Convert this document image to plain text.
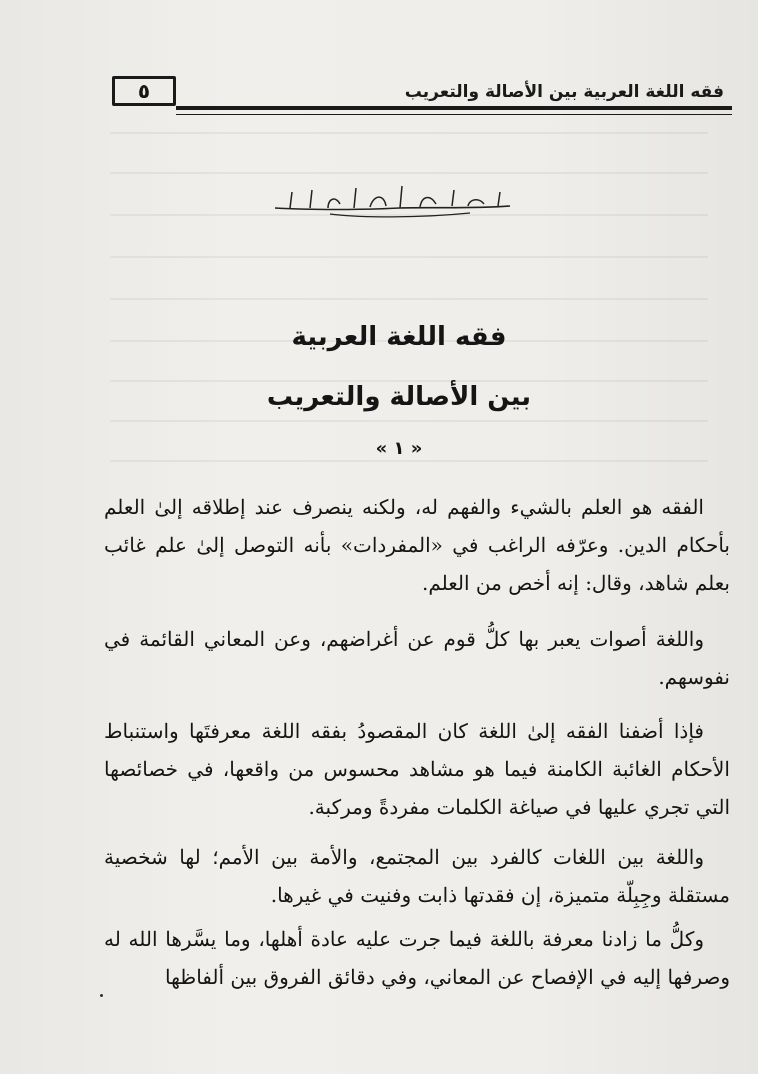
فقه اللغة العربية بين الأصالة والتعريب
٥
فقه اللغة العربية
بين الأصالة والتعريب
« ١ »
الفقه هو العلم بالشيء والفهم له، ولكنه ينصرف عند إطلاقه إلىٰ العلم بأحكام الدين. وعرّفه الراغب في «المفردات» بأنه التوصل إلىٰ علم غائب بعلم شاهد، وقال: إنه أخص من العلم.
واللغة أصوات يعبر بها كلُّ قوم عن أغراضهم، وعن المعاني القائمة في نفوسهم.
فإذا أضفنا الفقه إلىٰ اللغة كان المقصودُ بفقه اللغة معرفتَها واستنباط الأحكام الغائبة الكامنة فيما هو مشاهد محسوس من واقعها، في خصائصها التي تجري عليها في صياغة الكلمات مفردةً ومركبة.
واللغة بين اللغات كالفرد بين المجتمع، والأمة بين الأمم؛ لها شخصية مستقلة وجِبِلّة متميزة، إن فقدتها ذابت وفنيت في غيرها.
وكلُّ ما زادنا معرفة باللغة فيما جرت عليه عادة أهلها، وما يسَّرها الله له وصرفها إليه في الإفصاح عن المعاني، وفي دقائق الفروق بين ألفاظها
